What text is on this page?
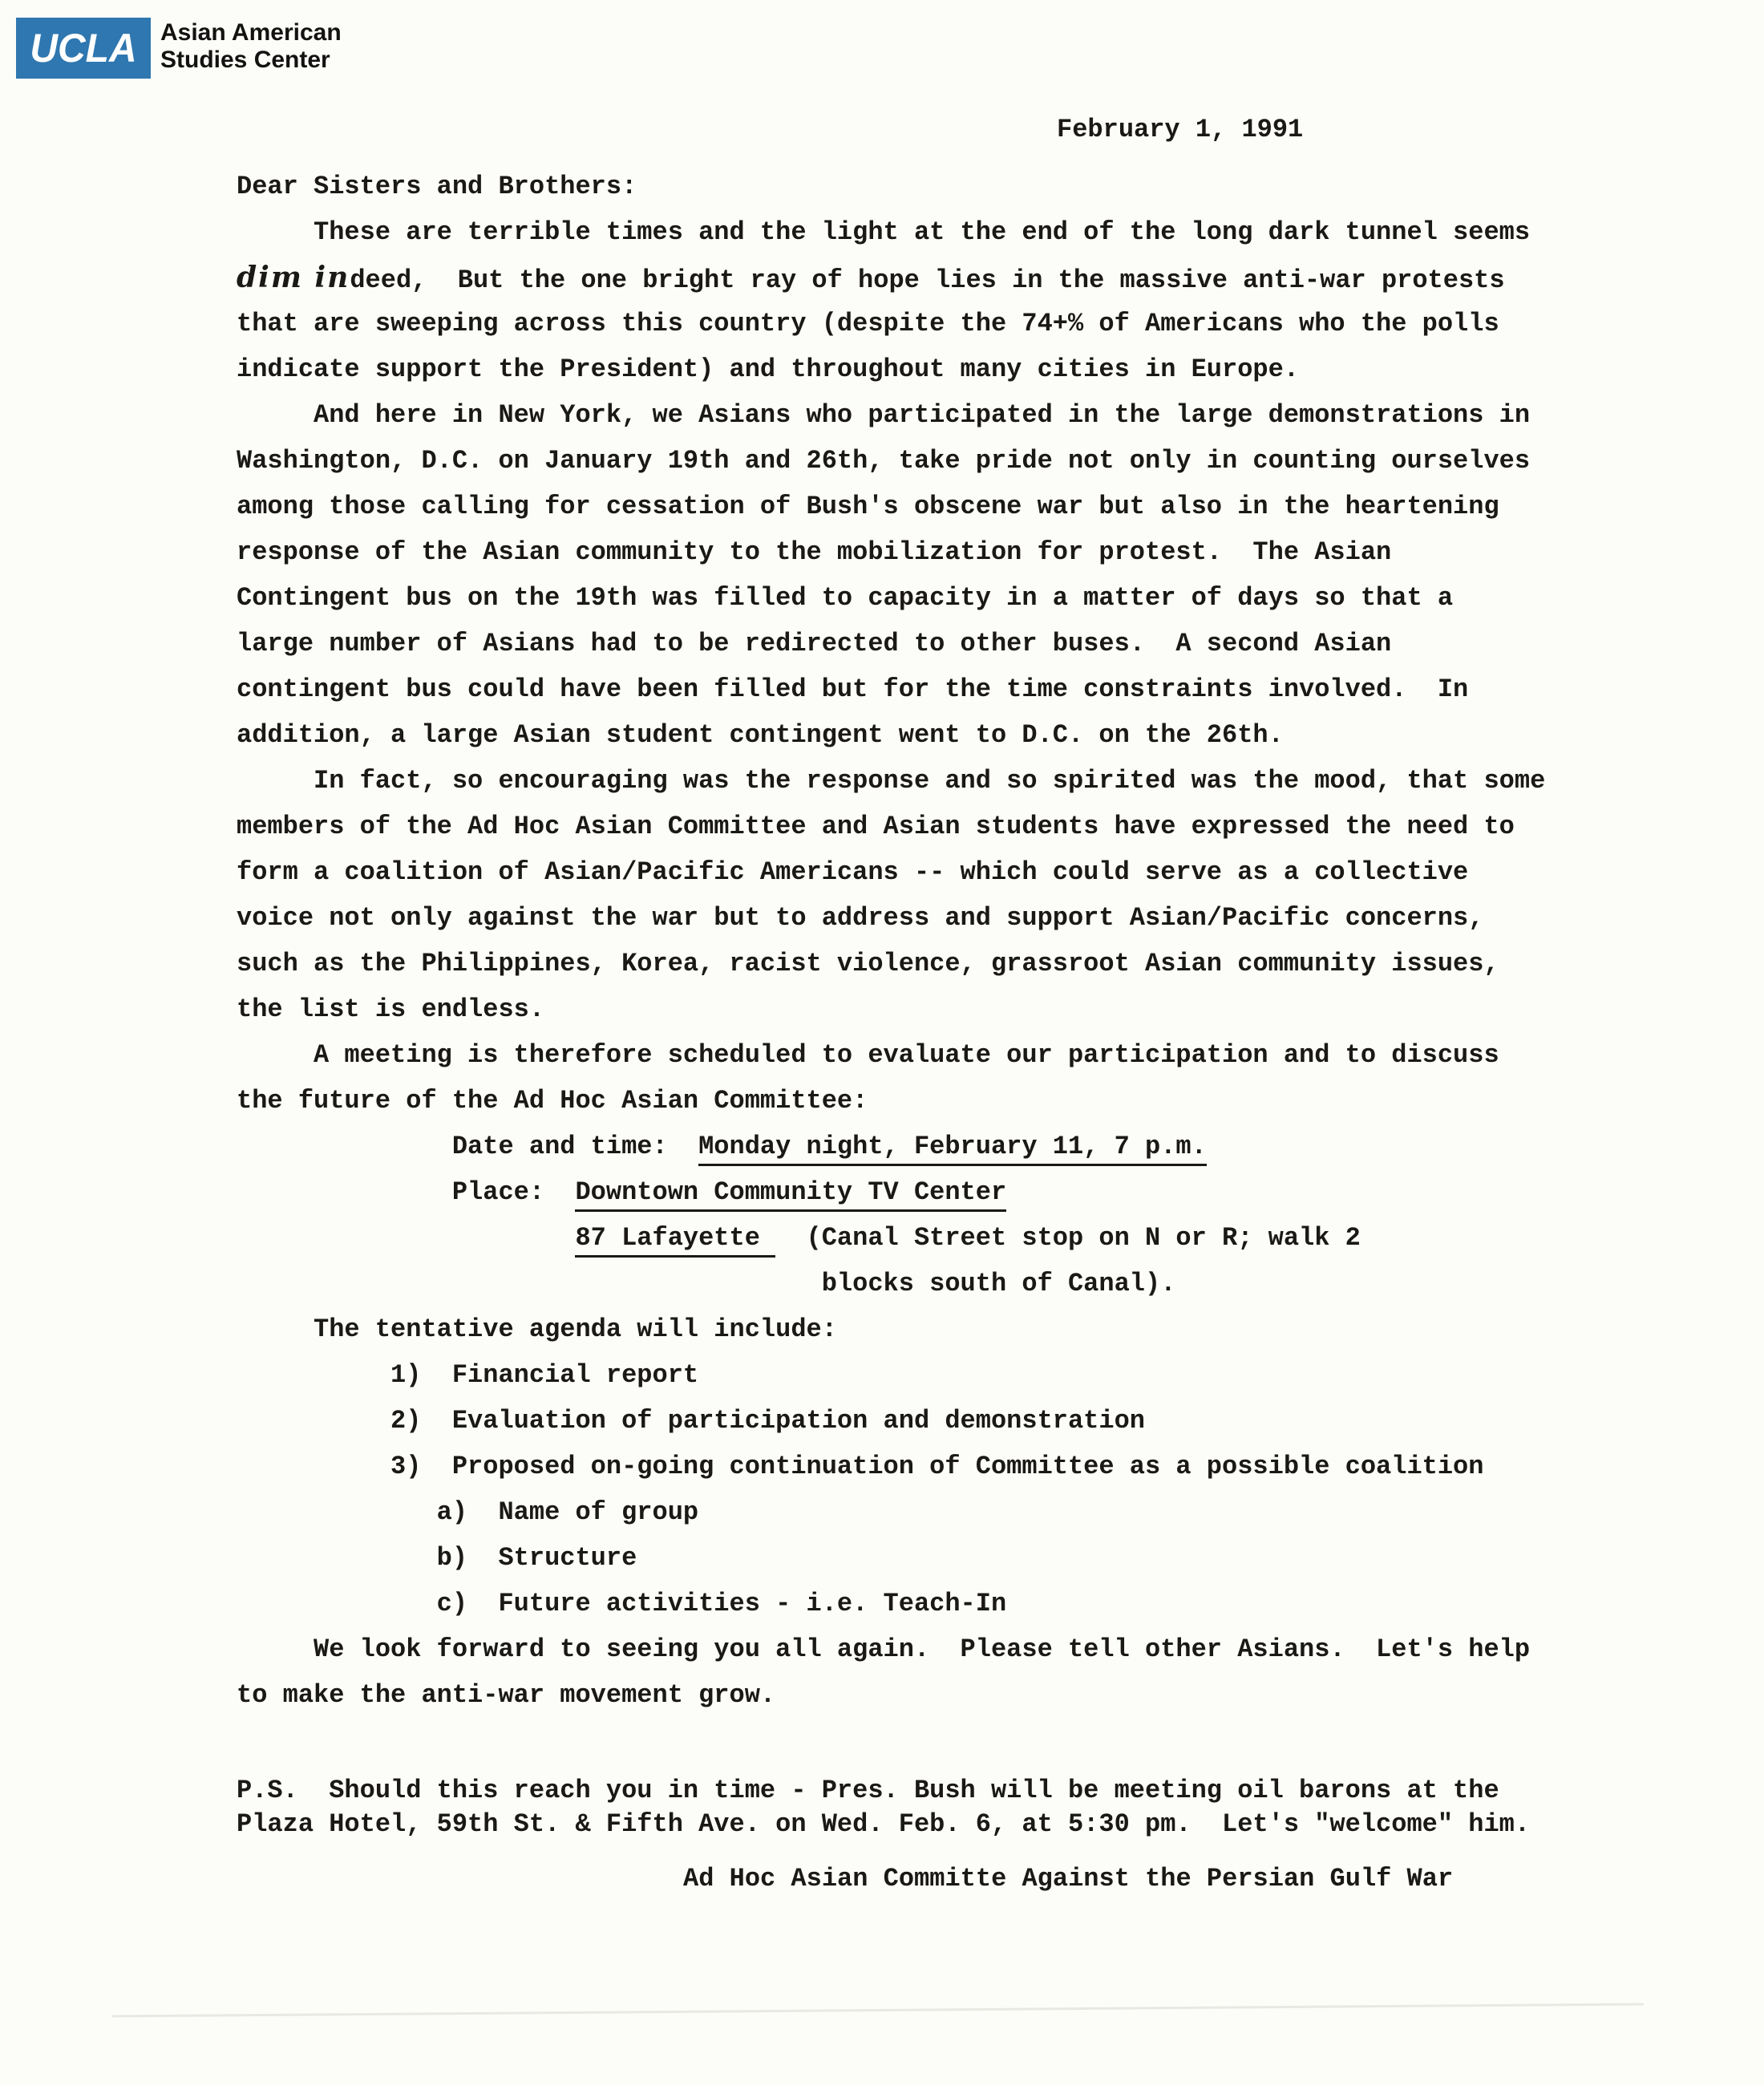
UCLA Asian American
Studies Center
February 1, 1991
Dear Sisters and Brothers:
These are terrible times and the light at the end of the long dark tunnel seems
dim indeed,  But the one bright ray of hope lies in the massive anti-war protests
that are sweeping across this country (despite the 74+% of Americans who the polls
indicate support the President) and throughout many cities in Europe.
And here in New York, we Asians who participated in the large demonstrations in
Washington, D.C. on January 19th and 26th, take pride not only in counting ourselves
among those calling for cessation of Bush's obscene war but also in the heartening
response of the Asian community to the mobilization for protest.  The Asian
Contingent bus on the 19th was filled to capacity in a matter of days so that a
large number of Asians had to be redirected to other buses.  A second Asian
contingent bus could have been filled but for the time constraints involved.  In
addition, a large Asian student contingent went to D.C. on the 26th.
In fact, so encouraging was the response and so spirited was the mood, that some
members of the Ad Hoc Asian Committee and Asian students have expressed the need to
form a coalition of Asian/Pacific Americans -- which could serve as a collective
voice not only against the war but to address and support Asian/Pacific concerns,
such as the Philippines, Korea, racist violence, grassroot Asian community issues,
the list is endless.
A meeting is therefore scheduled to evaluate our participation and to discuss
the future of the Ad Hoc Asian Committee:
Date and time:  Monday night, February 11, 7 p.m.
Place:  Downtown Community TV Center
87 Lafayette   (Canal Street stop on N or R; walk 2
blocks south of Canal).
The tentative agenda will include:
1)  Financial report
2)  Evaluation of participation and demonstration
3)  Proposed on-going continuation of Committee as a possible coalition
a)  Name of group
b)  Structure
c)  Future activities - i.e. Teach-In
We look forward to seeing you all again.  Please tell other Asians.  Let's help
to make the anti-war movement grow.
P.S.  Should this reach you in time - Pres. Bush will be meeting oil barons at the
Plaza Hotel, 59th St. & Fifth Ave. on Wed. Feb. 6, at 5:30 pm.  Let's "welcome" him.
Ad Hoc Asian Committe Against the Persian Gulf War
